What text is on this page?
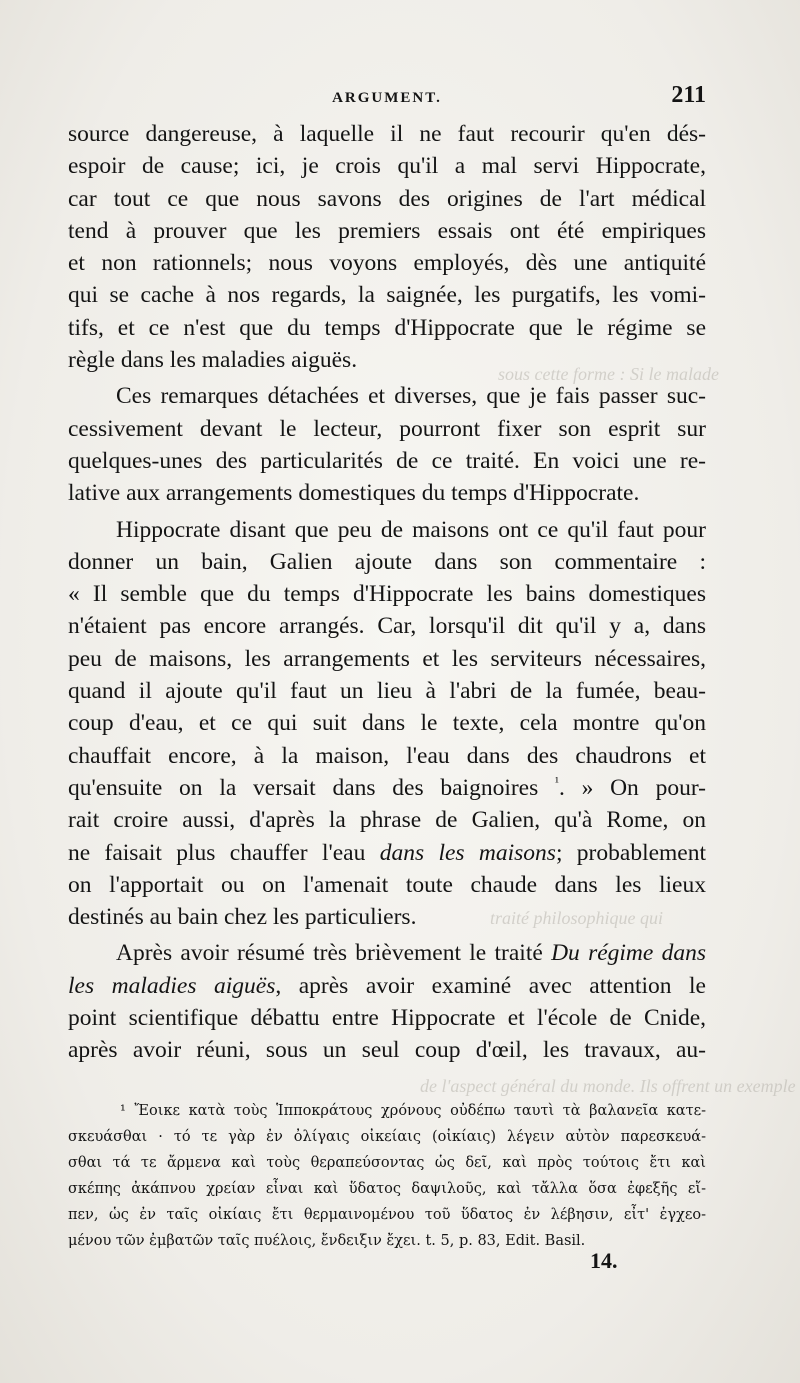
sous cette forme : Si le malade
traité philosophique qui
de l'aspect général du monde. Ils offrent un exemple
ARGUMENT.	211

source dangereuse, à laquelle il ne faut recourir qu'en dés-
espoir de cause; ici, je crois qu'il a mal servi Hippocrate,
car tout ce que nous savons des origines de l'art médical
tend à prouver que les premiers essais ont été empiriques
et non rationnels; nous voyons employés, dès une antiquité
qui se cache à nos regards, la saignée, les purgatifs, les vomi-
tifs, et ce n'est que du temps d'Hippocrate que le régime se
règle dans les maladies aiguës.

Ces remarques détachées et diverses, que je fais passer suc-
cessivement devant le lecteur, pourront fixer son esprit sur
quelques-unes des particularités de ce traité. En voici une re-
lative aux arrangements domestiques du temps d'Hippocrate.

Hippocrate disant que peu de maisons ont ce qu'il faut pour
donner un bain, Galien ajoute dans son commentaire :
« Il semble que du temps d'Hippocrate les bains domestiques
n'étaient pas encore arrangés. Car, lorsqu'il dit qu'il y a, dans
peu de maisons, les arrangements et les serviteurs nécessaires,
quand il ajoute qu'il faut un lieu à l'abri de la fumée, beau-
coup d'eau, et ce qui suit dans le texte, cela montre qu'on
chauffait encore, à la maison, l'eau dans des chaudrons et
qu'ensuite on la versait dans des baignoires $^{^1}$. » On pour-
rait croire aussi, d'après la phrase de Galien, qu'à Rome, on
ne faisait plus chauffer l'eau dans les maisons; probablement
on l'apportait ou on l'amenait toute chaude dans les lieux
destinés au bain chez les particuliers.

Après avoir résumé très brièvement le traité Du régime dans
les maladies aiguës, après avoir examiné avec attention le
point scientifique débattu entre Hippocrate et l'école de Cnide,
après avoir réuni, sous un seul coup d'œil, les travaux, au-

¹ Ἔοικε κατὰ τοὺς Ἱπποκράτους χρόνους οὐδέπω ταυτὶ τὰ βαλανεῖα κατε-
σκευάσθαι · τό τε γὰρ ἐν ὀλίγαις οἰκείαις (οἰκίαις) λέγειν αὐτὸν παρεσκευά-
σθαι τά τε ἄρμενα καὶ τοὺς θεραπεύσοντας ὡς δεῖ, καὶ πρὸς τούτοις ἔτι καὶ
σκέπης ἀκάπνου χρείαν εἶναι καὶ ὕδατος δαψιλοῦς, καὶ τἄλλα ὅσα ἐφεξῆς εἴ-
πεν, ὡς ἐν ταῖς οἰκίαις ἔτι θερμαινομένου τοῦ ὕδατος ἐν λέβησιν, εἶτ' ἐγχεο-
μένου τῶν ἐμβατῶν ταῖς πυέλοις, ἔνδειξιν ἔχει. t. 5, p. 83, Edit. Basil.
14.
